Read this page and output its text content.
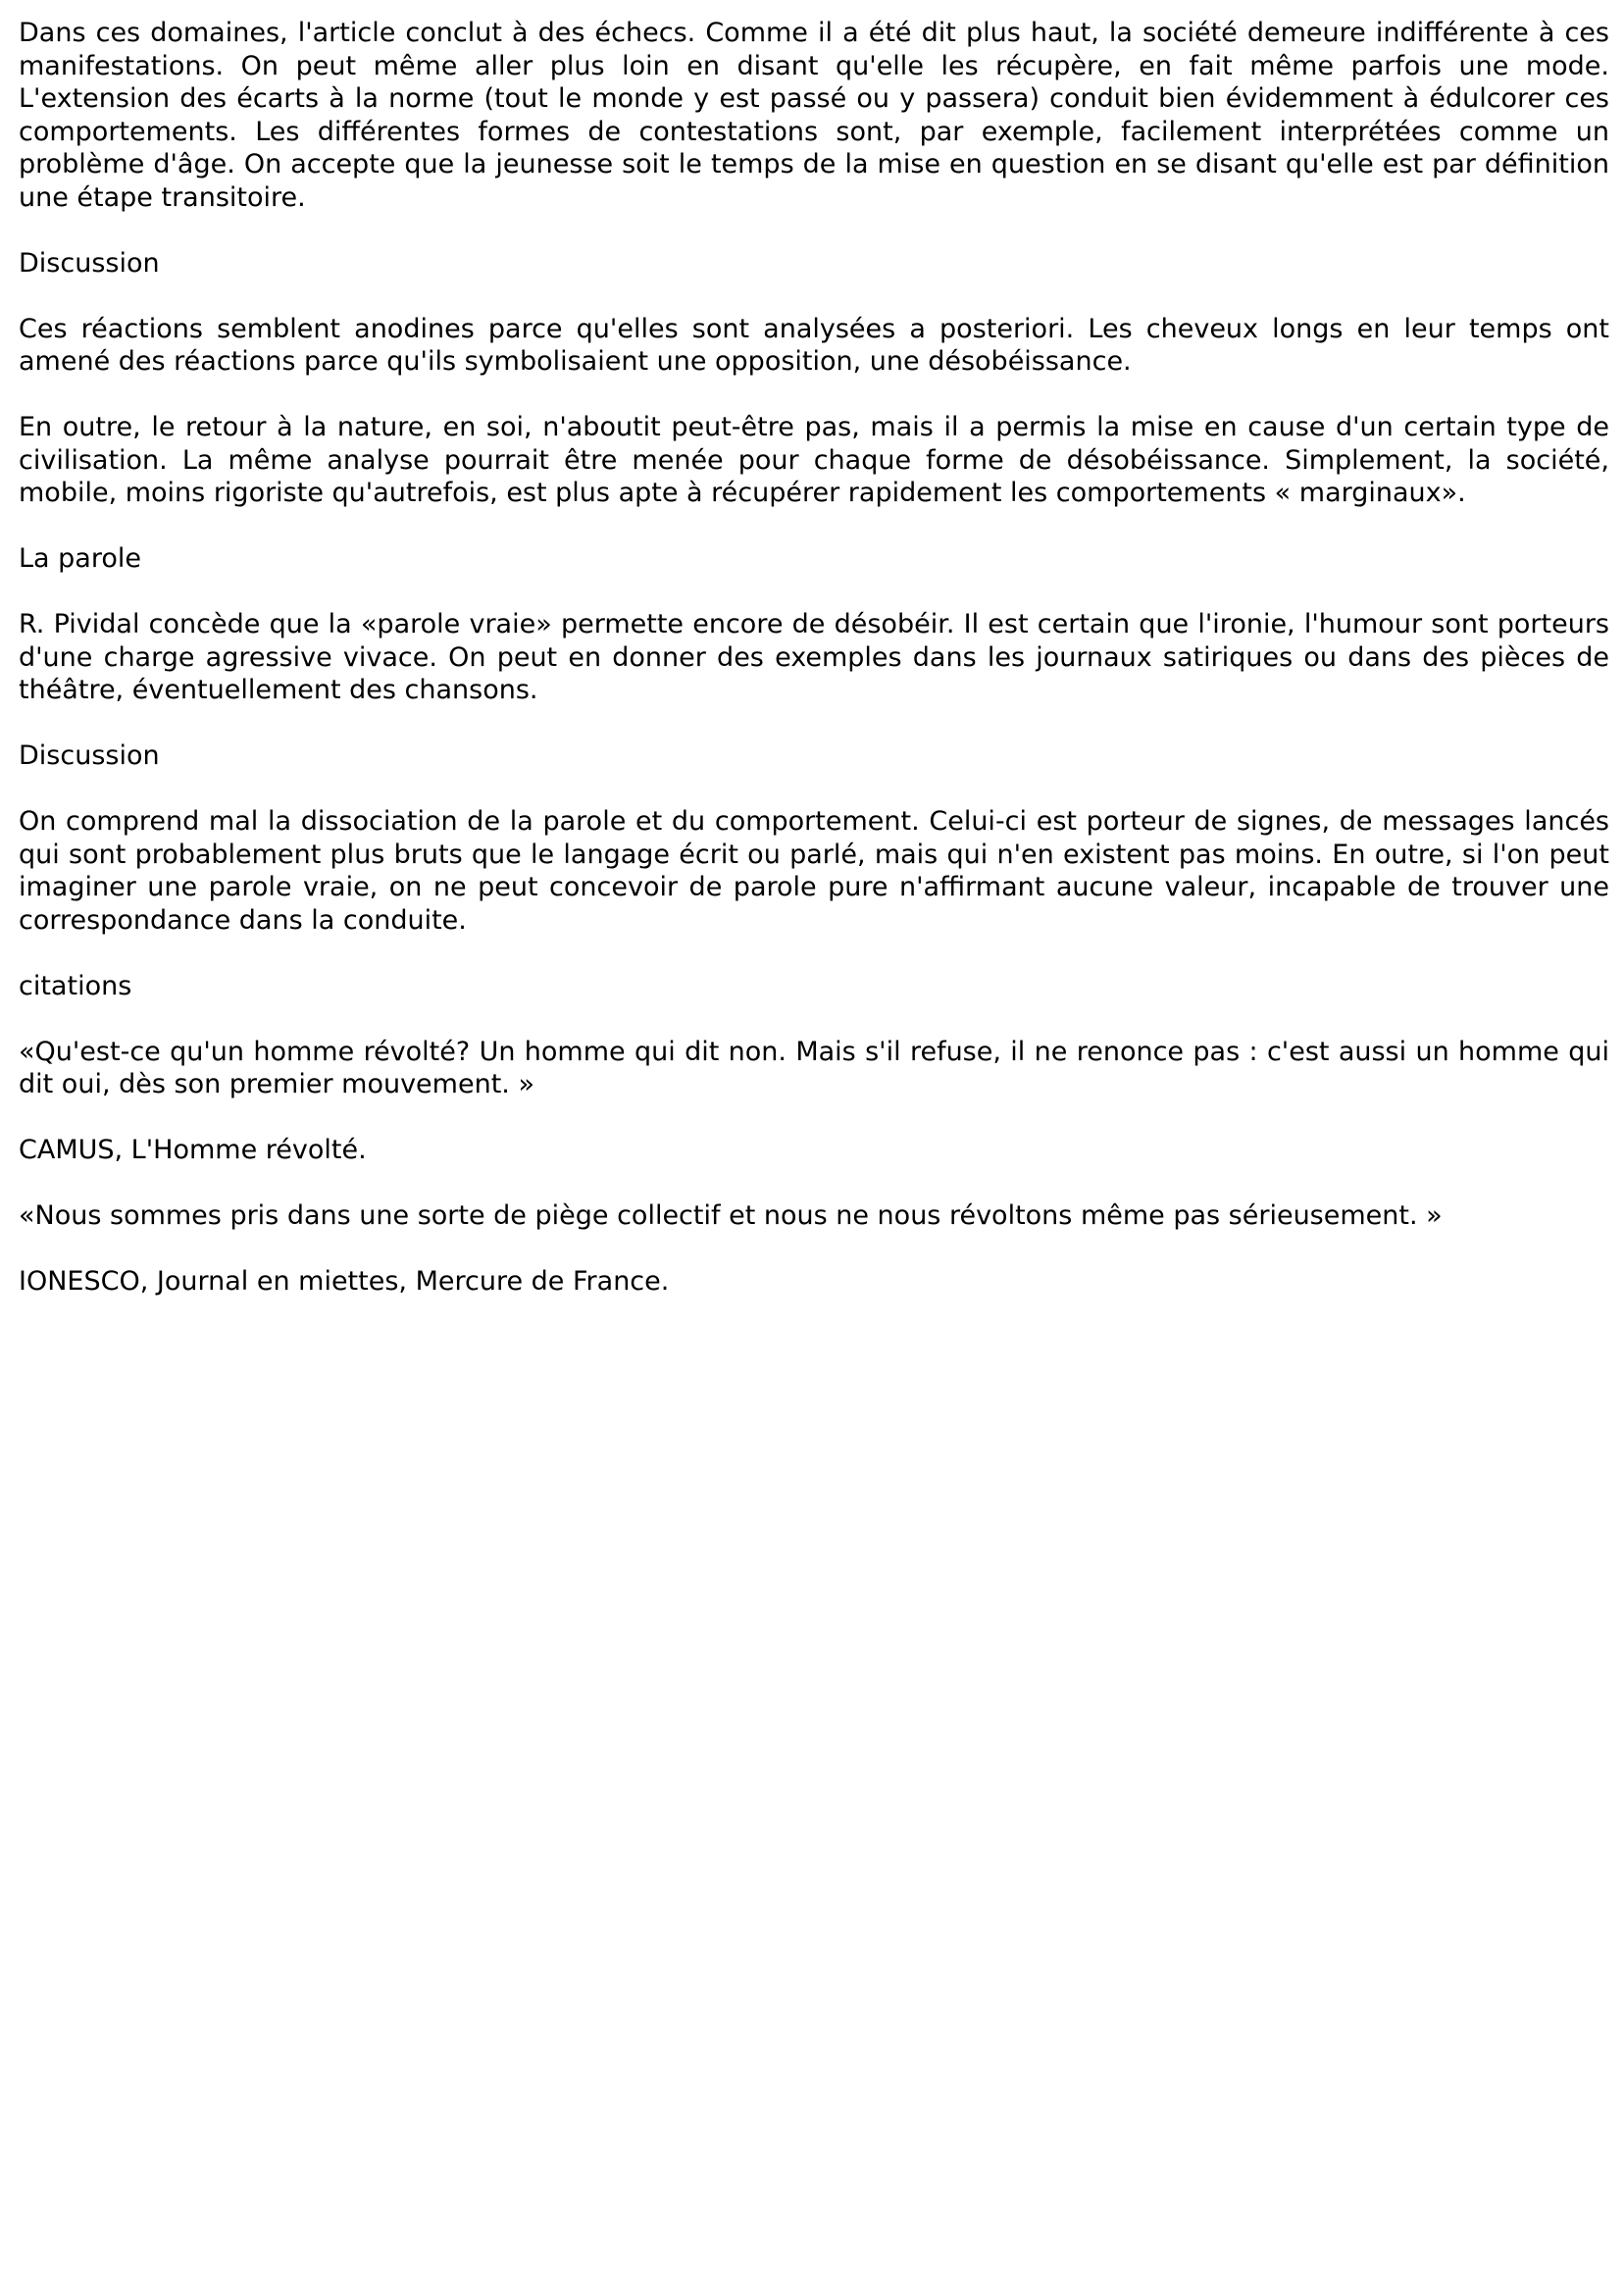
Dans ces domaines, l'article conclut à des échecs. Comme il a été dit plus haut, la société demeure indifférente à ces manifestations. On peut même aller plus loin en disant qu'elle les récupère, en fait même parfois une mode. L'extension des écarts à la norme (tout le monde y est passé ou y passera) conduit bien évidemment à édulcorer ces comportements. Les différentes formes de contestations sont, par exemple, facilement interprétées comme un problème d'âge. On accepte que la jeunesse soit le temps de la mise en question en se disant qu'elle est par définition une étape transitoire.

Discussion

Ces réactions semblent anodines parce qu'elles sont analysées a posteriori. Les cheveux longs en leur temps ont amené des réactions parce qu'ils symbolisaient une opposition, une désobéissance.

En outre, le retour à la nature, en soi, n'aboutit peut-être pas, mais il a permis la mise en cause d'un certain type de civilisation. La même analyse pourrait être menée pour chaque forme de désobéissance. Simplement, la société, mobile, moins rigoriste qu'autrefois, est plus apte à récupérer rapidement les comportements « marginaux».

La parole

R. Pividal concède que la «parole vraie» permette encore de désobéir. Il est certain que l'ironie, l'humour sont porteurs d'une charge agressive vivace. On peut en donner des exemples dans les journaux satiriques ou dans des pièces de théâtre, éventuellement des chansons.

Discussion

On comprend mal la dissociation de la parole et du comportement. Celui-ci est porteur de signes, de messages lancés qui sont probablement plus bruts que le langage écrit ou parlé, mais qui n'en existent pas moins. En outre, si l'on peut imaginer une parole vraie, on ne peut concevoir de parole pure n'affirmant aucune valeur, incapable de trouver une correspondance dans la conduite.

citations

«Qu'est-ce qu'un homme révolté? Un homme qui dit non. Mais s'il refuse, il ne renonce pas : c'est aussi un homme qui dit oui, dès son premier mouvement. »

CAMUS, L'Homme révolté.

«Nous sommes pris dans une sorte de piège collectif et nous ne nous révoltons même pas sérieusement. »

IONESCO, Journal en miettes, Mercure de France.
